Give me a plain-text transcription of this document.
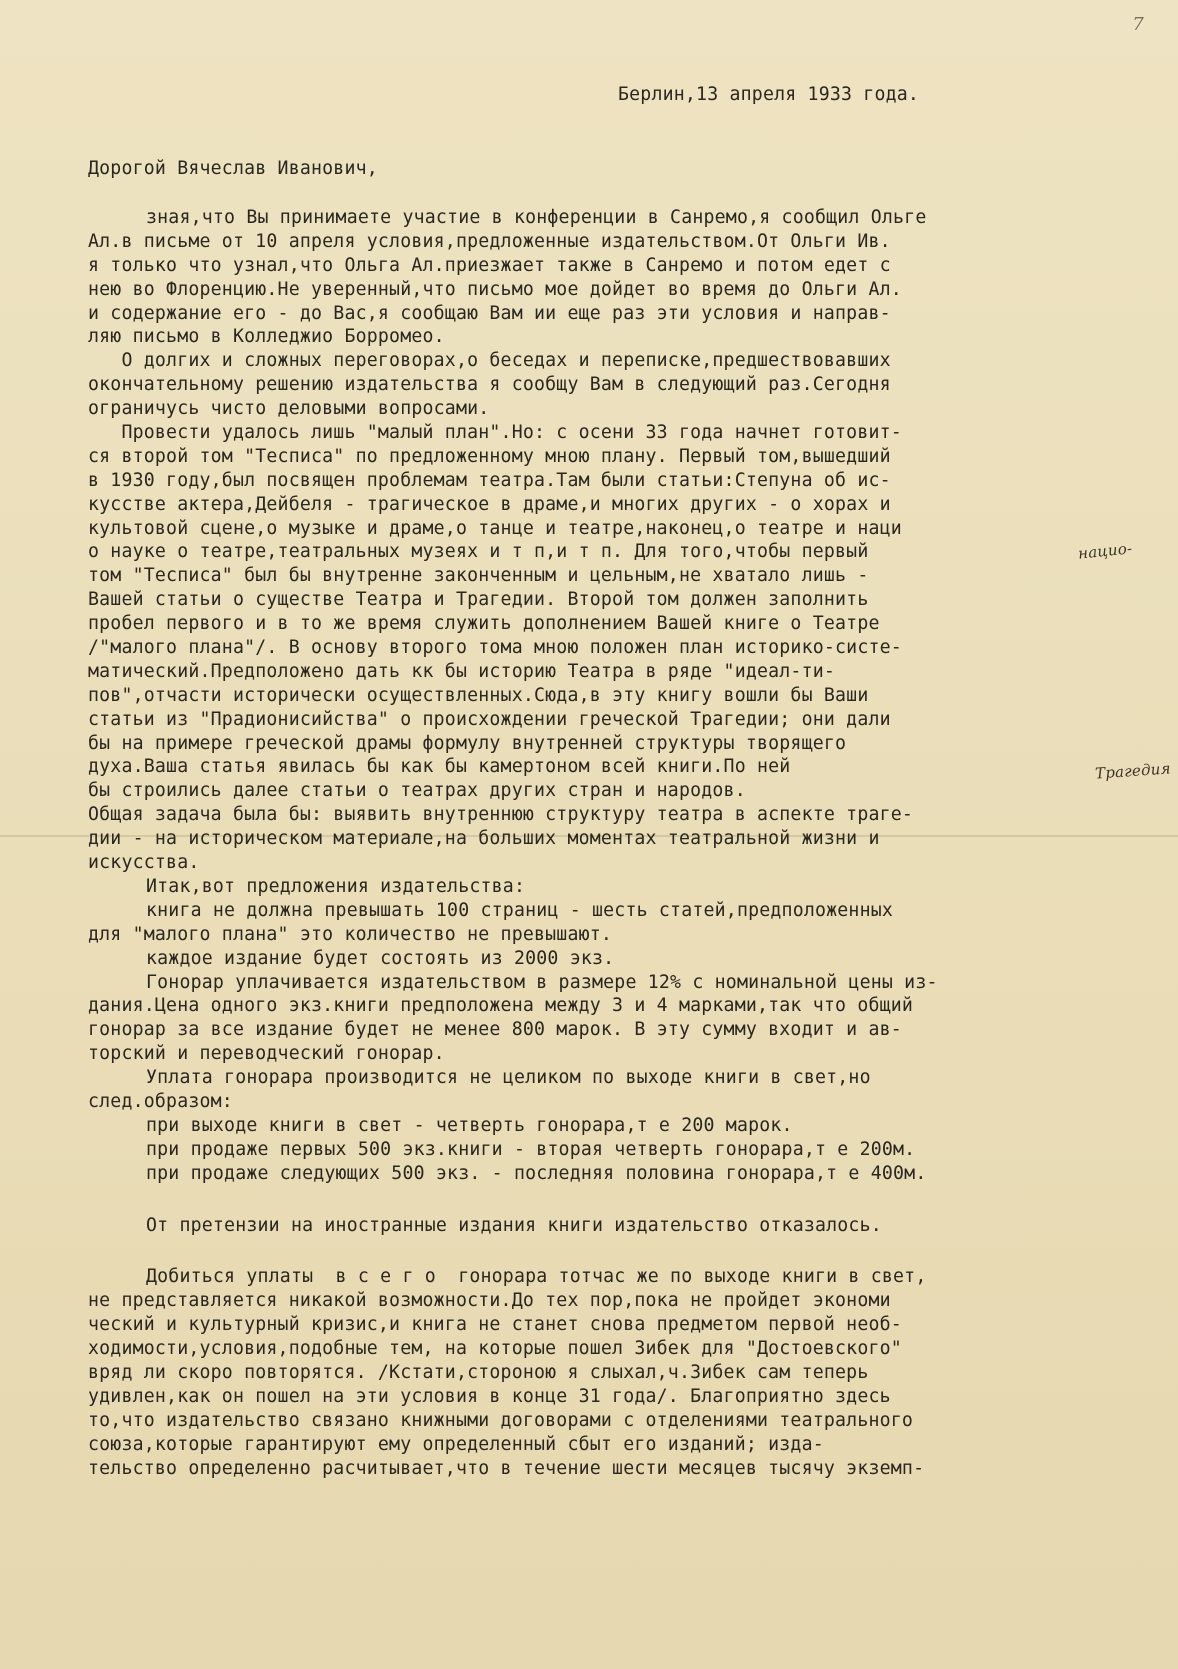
7
Берлин,13 апреля 1933 года.
Дорогой Вячеслав Иванович,
зная,что Вы принимаете участие в конференции в Санремо,я сообщил Ольге
Ал.в письме от 10 апреля условия,предложенные издательством.От Ольги Ив.
я только что узнал,что Ольга Ал.приезжает также в Санремо и потом едет с
нею во Флоренцию.Не уверенный,что письмо мое дойдет во время до Ольги Ал.
и содержание его - до Вас,я сообщаю Вам ии еще раз эти условия и направ-
ляю письмо в Колледжио Борромео.
О долгих и сложных переговорах,о беседах и переписке,предшествовавших
окончательному решению издательства я сообщу Вам в следующий раз.Сегодня
ограничусь чисто деловыми вопросами.
Провести удалось лишь "малый план".Но: с осени 33 года начнет готовит-
ся второй том "Тесписа" по предложенному мною плану. Первый том,вышедший
в 1930 году,был посвящен проблемам театра.Там были статьи:Степуна об ис-
кусстве актера,Дейбеля - трагическое в драме,и многих других - о хорах и
культовой сцене,о музыке и драме,о танце и театре,наконец,о театре и наци
о науке о театре,театральных музеях и т п,и т п. Для того,чтобы первый
том "Тесписа" был бы внутренне законченным и цельным,не хватало лишь -
Вашей статьи о существе Театра и Трагедии. Второй том должен заполнить
пробел первого и в то же время служить дополнением Вашей книге о Театре
/"малого плана"/. В основу второго тома мною положен план историко-систе-
матический.Предположено дать кк бы историю Театра в ряде "идеал-ти-
пов",отчасти исторически осуществленных.Сюда,в эту книгу вошли бы Ваши
статьи из "Прадионисийства" о происхождении греческой Трагедии; они дали
бы на примере греческой драмы формулу внутренней структуры творящего
духа.Ваша статья явилась бы как бы камертоном всей книги.По ней
бы строились далее статьи о театрах других стран и народов.
Общая задача была бы: выявить внутреннюю структуру театра в аспекте траге-
дии - на историческом материале,на больших моментах театральной жизни и
искусства.
Итак,вот предложения издательства:
книга не должна превышать 100 страниц - шесть статей,предположенных
для "малого плана" это количество не превышают.
каждое издание будет состоять из 2000 экз.
Гонорар уплачивается издательством в размере 12% с номинальной цены из-
дания.Цена одного экз.книги предположена между 3 и 4 марками,так что общий
гонорар за все издание будет не менее 800 марок. В эту сумму входит и ав-
торский и переводческий гонорар.
Уплата гонорара производится не целиком по выходе книги в свет,но
след.образом:
при выходе книги в свет - четверть гонорара,т е 200 марок.
при продаже первых 500 экз.книги - вторая четверть гонорара,т е 200м.
при продаже следующих 500 экз. - последняя половина гонорара,т е 400м.
От претензии на иностранные издания книги издательство отказалось.
Добиться уплаты  в с е г о  гонорара тотчас же по выходе книги в свет,
не представляется никакой возможности.До тех пор,пока не пройдет экономи
ческий и культурный кризис,и книга не станет снова предметом первой необ-
ходимости,условия,подобные тем, на которые пошел Зибек для "Достоевского"
вряд ли скоро повторятся. /Кстати,стороною я слыхал,ч.Зибек сам теперь
удивлен,как он пошел на эти условия в конце 31 года/. Благоприятно здесь
то,что издательство связано книжными договорами с отделениями театрального
союза,которые гарантируют ему определенный сбыт его изданий; изда-
тельство определенно расчитывает,что в течение шести месяцев тысячу экземп-
нацио-
Трагедия
